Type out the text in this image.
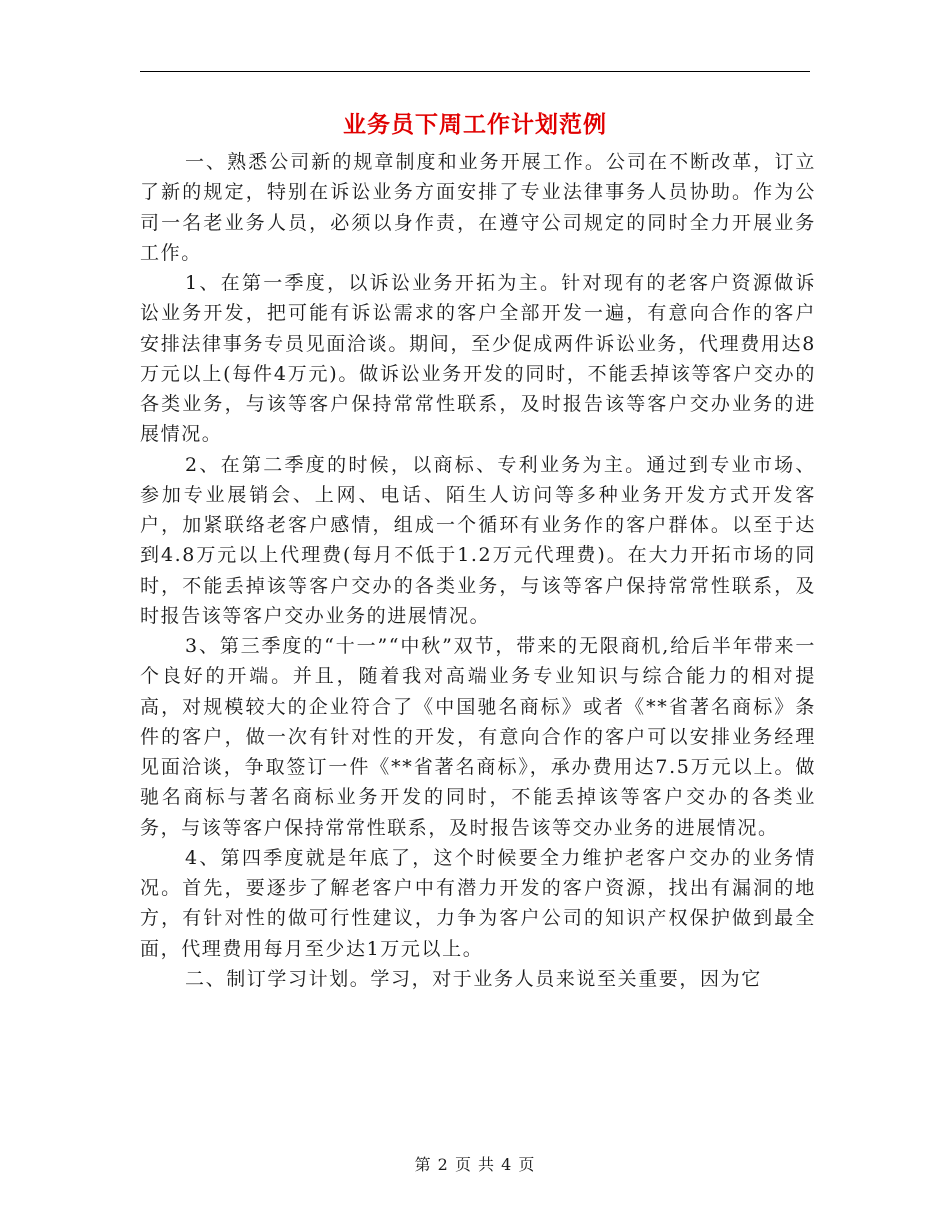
业务员下周工作计划范例

一、熟悉公司新的规章制度和业务开展工作。公司在不断改革，订立了新的规定，特别在诉讼业务方面安排了专业法律事务人员协助。作为公司一名老业务人员，必须以身作责，在遵守公司规定的同时全力开展业务工作。

1、在第一季度，以诉讼业务开拓为主。针对现有的老客户资源做诉讼业务开发，把可能有诉讼需求的客户全部开发一遍，有意向合作的客户安排法律事务专员见面洽谈。期间，至少促成两件诉讼业务，代理费用达8万元以上(每件4万元)。做诉讼业务开发的同时，不能丢掉该等客户交办的各类业务，与该等客户保持常常性联系，及时报告该等客户交办业务的进展情况。

2、在第二季度的时候，以商标、专利业务为主。通过到专业市场、参加专业展销会、上网、电话、陌生人访问等多种业务开发方式开发客户，加紧联络老客户感情，组成一个循环有业务作的客户群体。以至于达到4.8万元以上代理费(每月不低于1.2万元代理费)。在大力开拓市场的同时，不能丢掉该等客户交办的各类业务，与该等客户保持常常性联系，及时报告该等客户交办业务的进展情况。

3、第三季度的“十一”“中秋”双节，带来的无限商机,给后半年带来一个良好的开端。并且，随着我对高端业务专业知识与综合能力的相对提高，对规模较大的企业符合了《中国驰名商标》或者《**省著名商标》条件的客户，做一次有针对性的开发，有意向合作的客户可以安排业务经理见面洽谈，争取签订一件《**省著名商标》，承办费用达7.5万元以上。做驰名商标与著名商标业务开发的同时，不能丢掉该等客户交办的各类业务，与该等客户保持常常性联系，及时报告该等交办业务的进展情况。

4、第四季度就是年底了，这个时候要全力维护老客户交办的业务情况。首先，要逐步了解老客户中有潜力开发的客户资源，找出有漏洞的地方，有针对性的做可行性建议，力争为客户公司的知识产权保护做到最全面，代理费用每月至少达1万元以上。

二、制订学习计划。学习，对于业务人员来说至关重要，因为它

第 2 页 共 4 页
